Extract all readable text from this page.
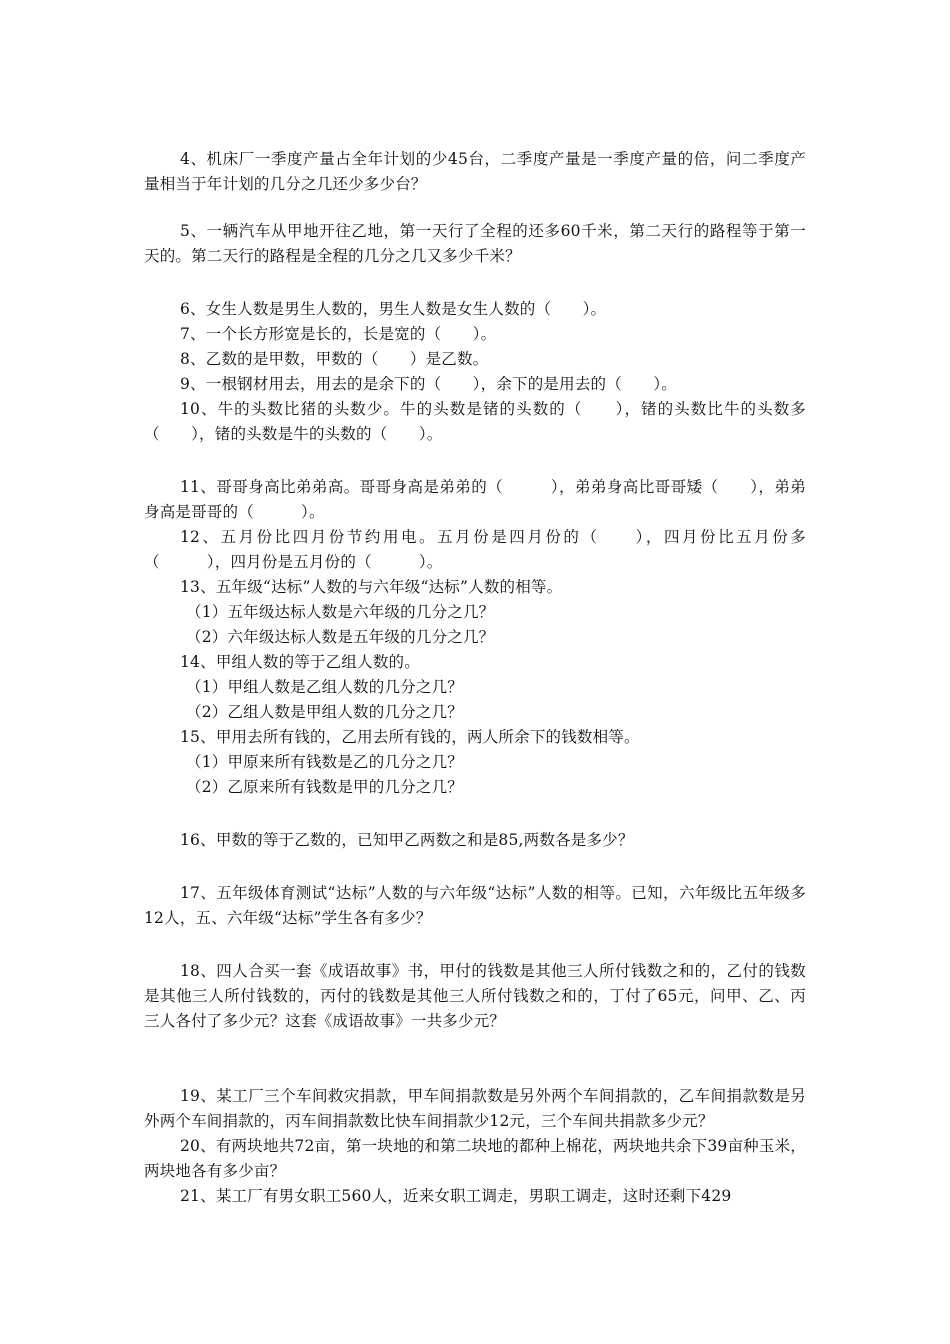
4、机床厂一季度产量占全年计划的少45台，二季度产量是一季度产量的倍，问二季度产量相当于年计划的几分之几还少多少台？

5、一辆汽车从甲地开往乙地，第一天行了全程的还多60千米，第二天行的路程等于第一天的。第二天行的路程是全程的几分之几又多少千米？

6、女生人数是男生人数的，男生人数是女生人数的（　　）。

7、一个长方形宽是长的，长是宽的（　　）。

8、乙数的是甲数，甲数的（　　）是乙数。

9、一根钢材用去，用去的是余下的（　　），余下的是用去的（　　）。

10、牛的头数比猪的头数少。牛的头数是锗的头数的（　　），锗的头数比牛的头数多（　　），锗的头数是牛的头数的（　　）。

11、哥哥身高比弟弟高。哥哥身高是弟弟的（　　　），弟弟身高比哥哥矮（　　），弟弟身高是哥哥的（　　　）。

12、五月份比四月份节约用电。五月份是四月份的（　　），四月份比五月份多（　　　），四月份是五月份的（　　　）。

13、五年级“达标”人数的与六年级“达标”人数的相等。

（1）五年级达标人数是六年级的几分之几？

（2）六年级达标人数是五年级的几分之几？

14、甲组人数的等于乙组人数的。

（1）甲组人数是乙组人数的几分之几？

（2）乙组人数是甲组人数的几分之几？

15、甲用去所有钱的，乙用去所有钱的，两人所余下的钱数相等。

（1）甲原来所有钱数是乙的几分之几？

（2）乙原来所有钱数是甲的几分之几？

16、甲数的等于乙数的，已知甲乙两数之和是85,两数各是多少？

17、五年级体育测试“达标”人数的与六年级“达标”人数的相等。已知，六年级比五年级多12人，五、六年级“达标”学生各有多少？

18、四人合买一套《成语故事》书，甲付的钱数是其他三人所付钱数之和的，乙付的钱数是其他三人所付钱数的，丙付的钱数是其他三人所付钱数之和的，丁付了65元，问甲、乙、丙三人各付了多少元？这套《成语故事》一共多少元？

19、某工厂三个车间救灾捐款，甲车间捐款数是另外两个车间捐款的，乙车间捐款数是另外两个车间捐款的，丙车间捐款数比快车间捐款少12元，三个车间共捐款多少元？

20、有两块地共72亩，第一块地的和第二块地的都种上棉花，两块地共余下39亩种玉米，两块地各有多少亩？

21、某工厂有男女职工560人，近来女职工调走，男职工调走，这时还剩下429
